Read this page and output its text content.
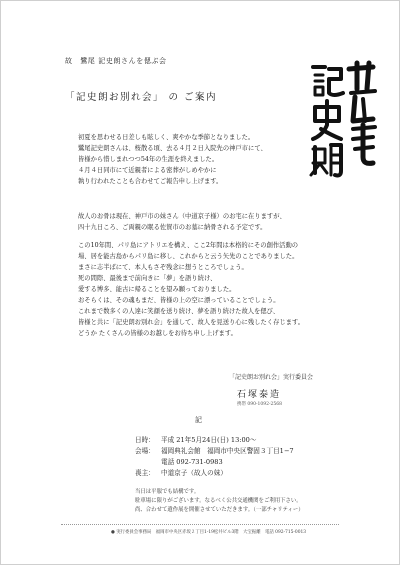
故　鷺尾 記史朗さんを偲ぶ会
「記史朗お別れ会」 の ご案内

初夏を思わせる日差しも眩しく、爽やかな季節となりました。

鷺尾記史朗さんは、桜散る頃、去る４月２日入院先の神戸市にて、

皆様から惜しまれつつ54年の生涯を終えました。

４月４日同市にて近親者による密葬がしめやかに

執り行われたことも合わせてご報告申し上げます。

故人のお骨は現在、神戸市の妹さん（中道京子様）のお宅に在りますが、

四十九日ころ、ご両親の眠る佐賀市のお墓に納骨される予定です。

この10年間、パリ島にアトリエを構え、ここ2年間は本格的にその創作活動の

場、居を能古島からパリ島に移し、これからと云う矢先のことでありました。

まさに志半ばにて、本人もさぞ残念に想うところでしょう。

死の間際、最後まで前向きに「夢」を語り続け、

愛する博多、能古に帰ることを望み願っておりました。

おそらくは、その魂もまだ、皆様の上の空に漂っていることでしょう。

これまで数多くの人達に笑顔を送り続け、夢を語り続けた故人を偲び、

皆様と共に「記史朗お別れ会」を通して、故人を見送り心に残したく存じます。

どうか たくさんの皆様のお越しをお待ち申し上げます。

「記史朗お別れ会」実行委員会

石塚泰造

携帯 090-1092-2568

記
日時： 平成 21年5月24日(日) 13:00〜
会場： 福岡典礼会館　福岡市中央区警固３丁目1−7
電話 092-731-0983
喪主： 中道京子（故人の妹）

当日は平服でも結構です。

駐車場に限りがございます。なるべく公共交通機関をご利用下さい。

尚、合わせて遺作展を開催させていただきます。（一部チャリティー）

● 実行委員会事務局　福岡市中央区赤坂２丁目1-19松井ビル3階　大宝振離　電話 092-715-0013
